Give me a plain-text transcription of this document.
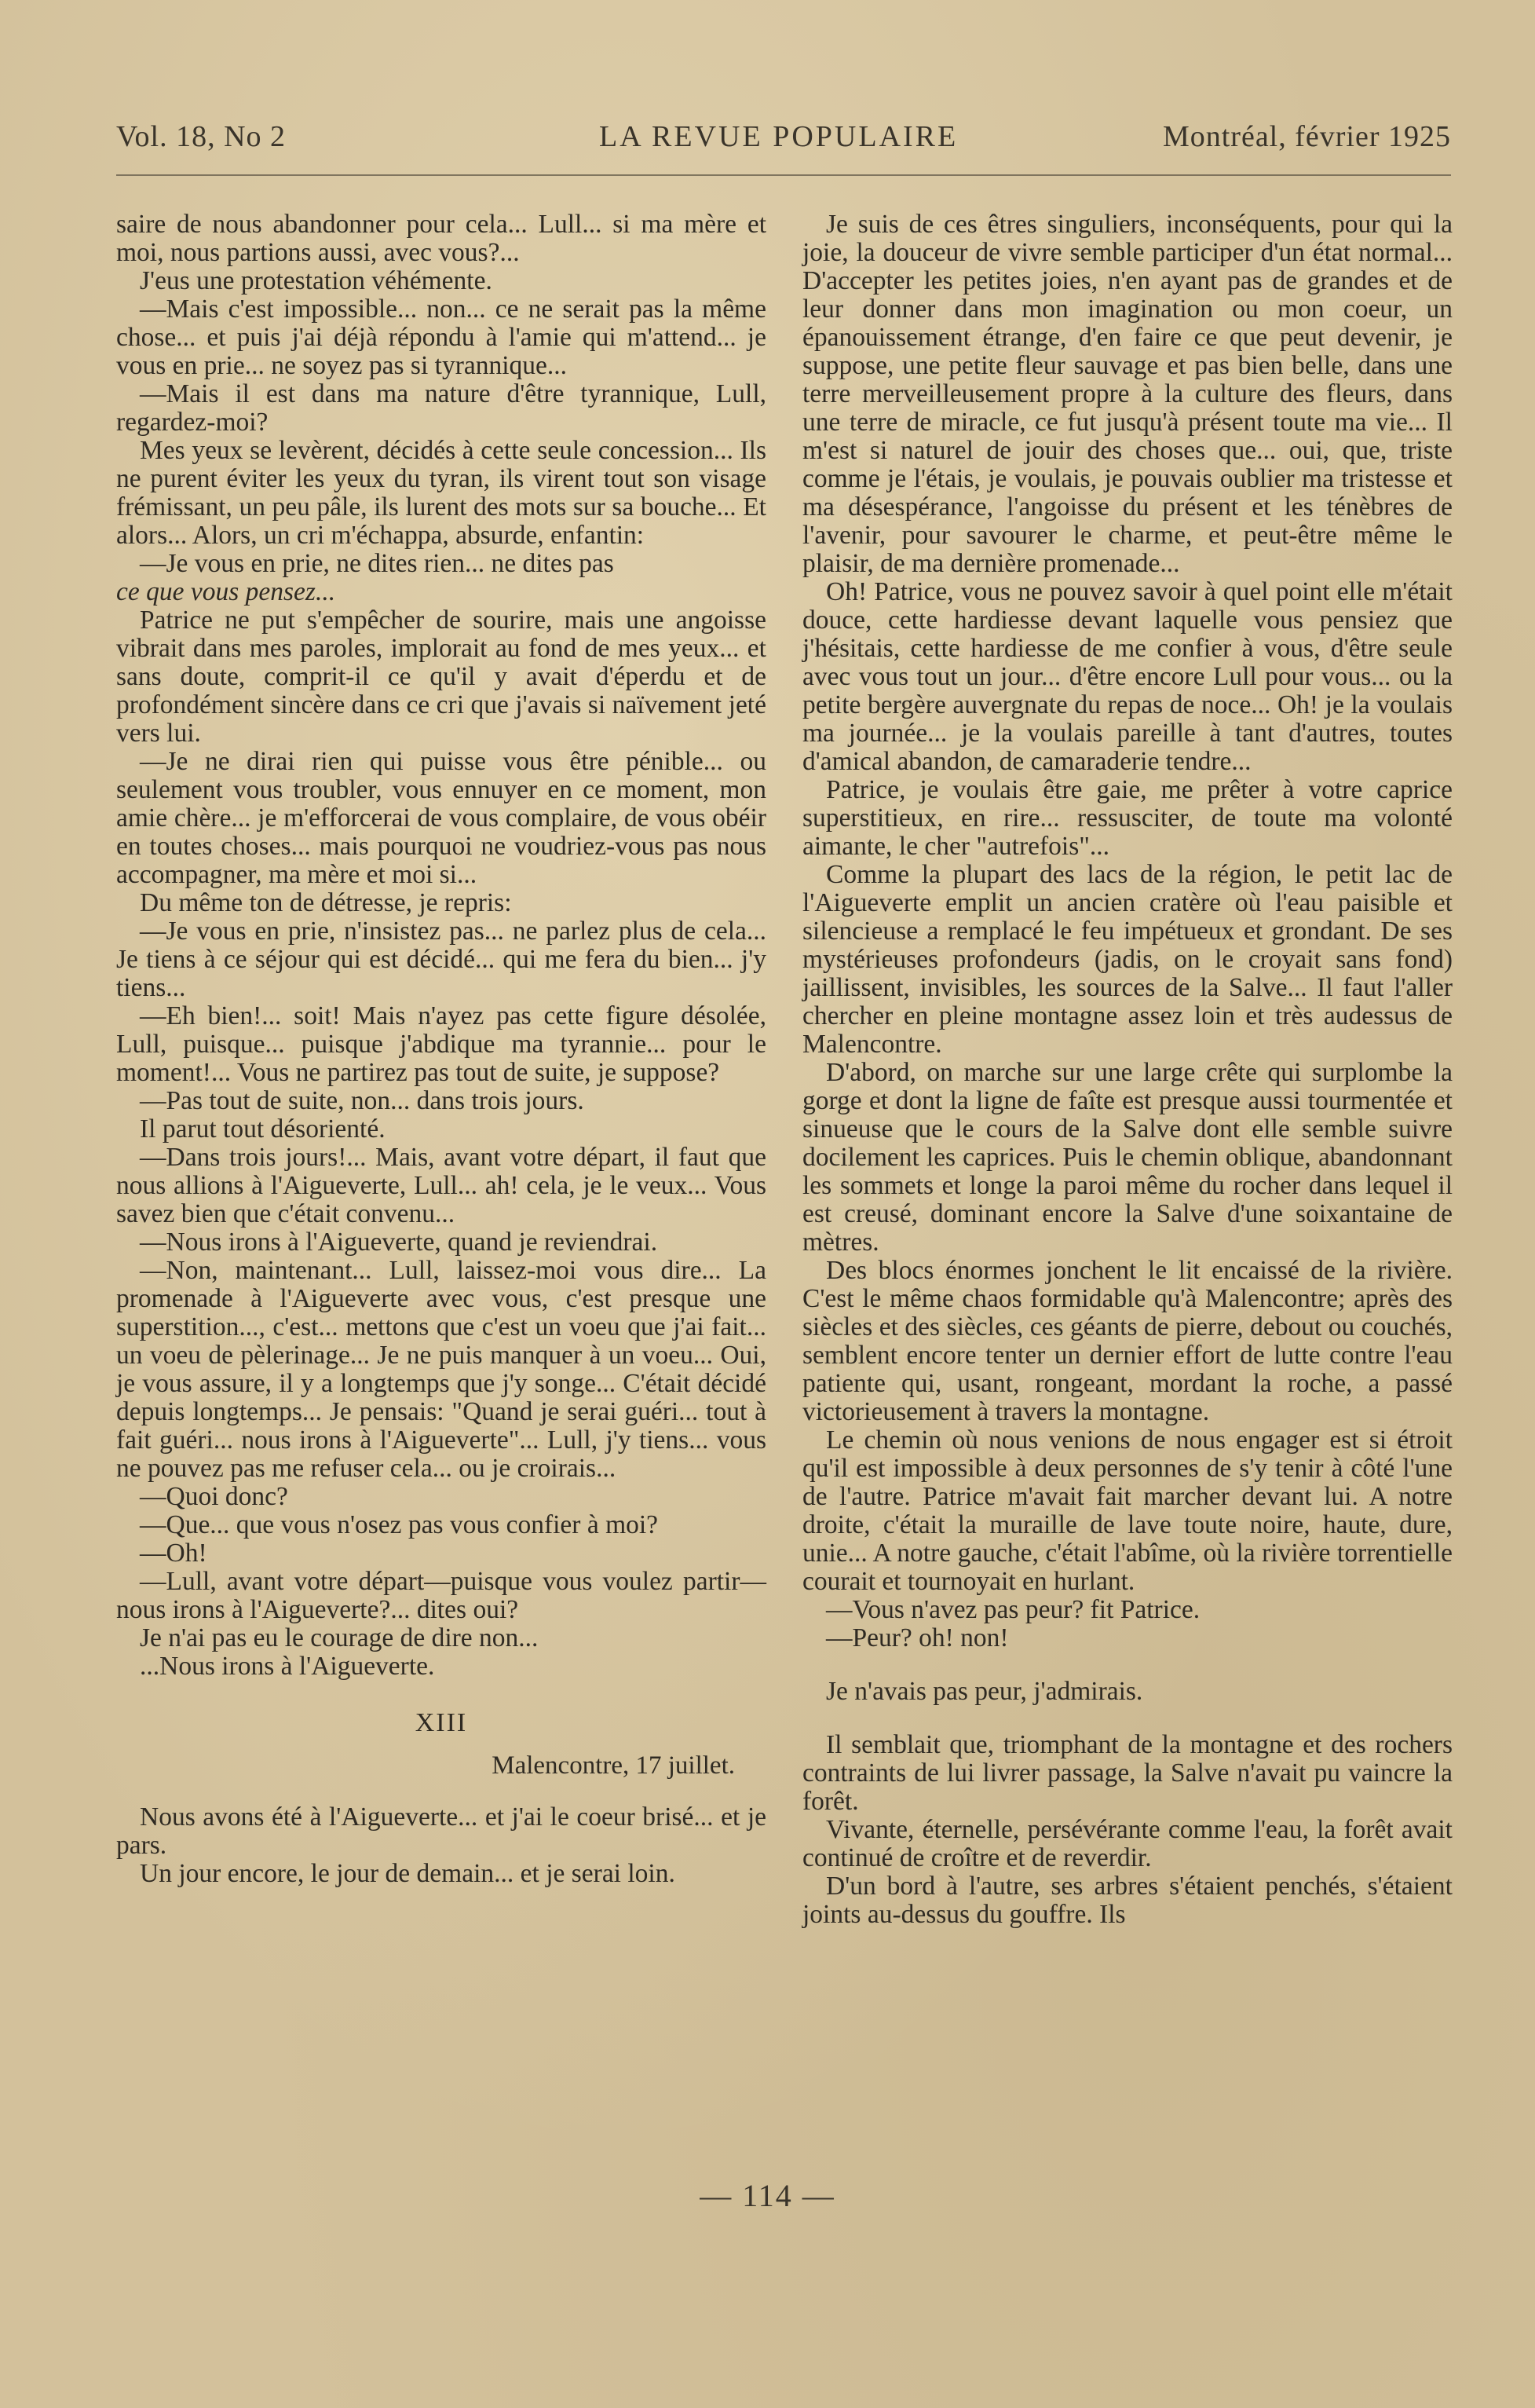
Vol. 18, No 2	LA REVUE POPULAIRE	Montréal, février 1925

saire de nous abandonner pour cela... Lull... si ma mère et moi, nous partions aussi, avec vous?...

J'eus une protestation véhémente.

—Mais c'est impossible... non... ce ne serait pas la même chose... et puis j'ai déjà répondu à l'amie qui m'attend... je vous en prie... ne soyez pas si tyrannique...

—Mais il est dans ma nature d'être tyrannique, Lull, regardez-moi?

Mes yeux se levèrent, décidés à cette seule concession... Ils ne purent éviter les yeux du tyran, ils virent tout son visage frémissant, un peu pâle, ils lurent des mots sur sa bouche... Et alors... Alors, un cri m'échappa, absurde, enfantin:

—Je vous en prie, ne dites rien... ne dites pas

ce que vous pensez...

Patrice ne put s'empêcher de sourire, mais une angoisse vibrait dans mes paroles, implorait au fond de mes yeux... et sans doute, comprit-il ce qu'il y avait d'éperdu et de profondément sincère dans ce cri que j'avais si naïvement jeté vers lui.

—Je ne dirai rien qui puisse vous être pénible... ou seulement vous troubler, vous ennuyer en ce moment, mon amie chère... je m'efforcerai de vous complaire, de vous obéir en toutes choses... mais pourquoi ne voudriez-vous pas nous accompagner, ma mère et moi si...

Du même ton de détresse, je repris:

—Je vous en prie, n'insistez pas... ne parlez plus de cela... Je tiens à ce séjour qui est décidé... qui me fera du bien... j'y tiens...

—Eh bien!... soit! Mais n'ayez pas cette figure désolée, Lull, puisque... puisque j'abdique ma tyrannie... pour le moment!... Vous ne partirez pas tout de suite, je suppose?

—Pas tout de suite, non... dans trois jours.

Il parut tout désorienté.

—Dans trois jours!... Mais, avant votre départ, il faut que nous allions à l'Aigueverte, Lull... ah! cela, je le veux... Vous savez bien que c'était convenu...

—Nous irons à l'Aigueverte, quand je reviendrai.

—Non, maintenant... Lull, laissez-moi vous dire... La promenade à l'Aigueverte avec vous, c'est presque une superstition..., c'est... mettons que c'est un voeu que j'ai fait... un voeu de pèlerinage... Je ne puis manquer à un voeu... Oui, je vous assure, il y a longtemps que j'y songe... C'était décidé depuis longtemps... Je pensais: "Quand je serai guéri... tout à fait guéri... nous irons à l'Aigueverte"... Lull, j'y tiens... vous ne pouvez pas me refuser cela... ou je croirais...

—Quoi donc?

—Que... que vous n'osez pas vous confier à moi?

—Oh!

—Lull, avant votre départ—puisque vous voulez partir—nous irons à l'Aigueverte?... dites oui?

Je n'ai pas eu le courage de dire non...

...Nous irons à l'Aigueverte.

XIII
Malencontre, 17 juillet.

Nous avons été à l'Aigueverte... et j'ai le coeur brisé... et je pars.

Un jour encore, le jour de demain... et je serai loin.

Je suis de ces êtres singuliers, inconséquents, pour qui la joie, la douceur de vivre semble participer d'un état normal... D'accepter les petites joies, n'en ayant pas de grandes et de leur donner dans mon imagination ou mon coeur, un épanouissement étrange, d'en faire ce que peut devenir, je suppose, une petite fleur sauvage et pas bien belle, dans une terre merveilleusement propre à la culture des fleurs, dans une terre de miracle, ce fut jusqu'à présent toute ma vie... Il m'est si naturel de jouir des choses que... oui, que, triste comme je l'étais, je voulais, je pouvais oublier ma tristesse et ma désespérance, l'angoisse du présent et les ténèbres de l'avenir, pour savourer le charme, et peut-être même le plaisir, de ma dernière promenade...

Oh! Patrice, vous ne pouvez savoir à quel point elle m'était douce, cette hardiesse devant laquelle vous pensiez que j'hésitais, cette hardiesse de me confier à vous, d'être seule avec vous tout un jour... d'être encore Lull pour vous... ou la petite bergère auvergnate du repas de noce... Oh! je la voulais ma journée... je la voulais pareille à tant d'autres, toutes d'amical abandon, de camaraderie tendre...

Patrice, je voulais être gaie, me prêter à votre caprice superstitieux, en rire... ressusciter, de toute ma volonté aimante, le cher "autrefois"...

Comme la plupart des lacs de la région, le petit lac de l'Aigueverte emplit un ancien cratère où l'eau paisible et silencieuse a remplacé le feu impétueux et grondant. De ses mystérieuses profondeurs (jadis, on le croyait sans fond) jaillissent, invisibles, les sources de la Salve... Il faut l'aller chercher en pleine montagne assez loin et très audessus de Malencontre.

D'abord, on marche sur une large crête qui surplombe la gorge et dont la ligne de faîte est presque aussi tourmentée et sinueuse que le cours de la Salve dont elle semble suivre docilement les caprices. Puis le chemin oblique, abandonnant les sommets et longe la paroi même du rocher dans lequel il est creusé, dominant encore la Salve d'une soixantaine de mètres.

Des blocs énormes jonchent le lit encaissé de la rivière. C'est le même chaos formidable qu'à Malencontre; après des siècles et des siècles, ces géants de pierre, debout ou couchés, semblent encore tenter un dernier effort de lutte contre l'eau patiente qui, usant, rongeant, mordant la roche, a passé victorieusement à travers la montagne.

Le chemin où nous venions de nous engager est si étroit qu'il est impossible à deux personnes de s'y tenir à côté l'une de l'autre. Patrice m'avait fait marcher devant lui. A notre droite, c'était la muraille de lave toute noire, haute, dure, unie... A notre gauche, c'était l'abîme, où la rivière torrentielle courait et tournoyait en hurlant.

—Vous n'avez pas peur? fit Patrice.

—Peur? oh! non!

Je n'avais pas peur, j'admirais.

Il semblait que, triomphant de la montagne et des rochers contraints de lui livrer passage, la Salve n'avait pu vaincre la forêt.

Vivante, éternelle, persévérante comme l'eau, la forêt avait continué de croître et de reverdir.

D'un bord à l'autre, ses arbres s'étaient penchés, s'étaient joints au-dessus du gouffre. Ils

— 114 —
